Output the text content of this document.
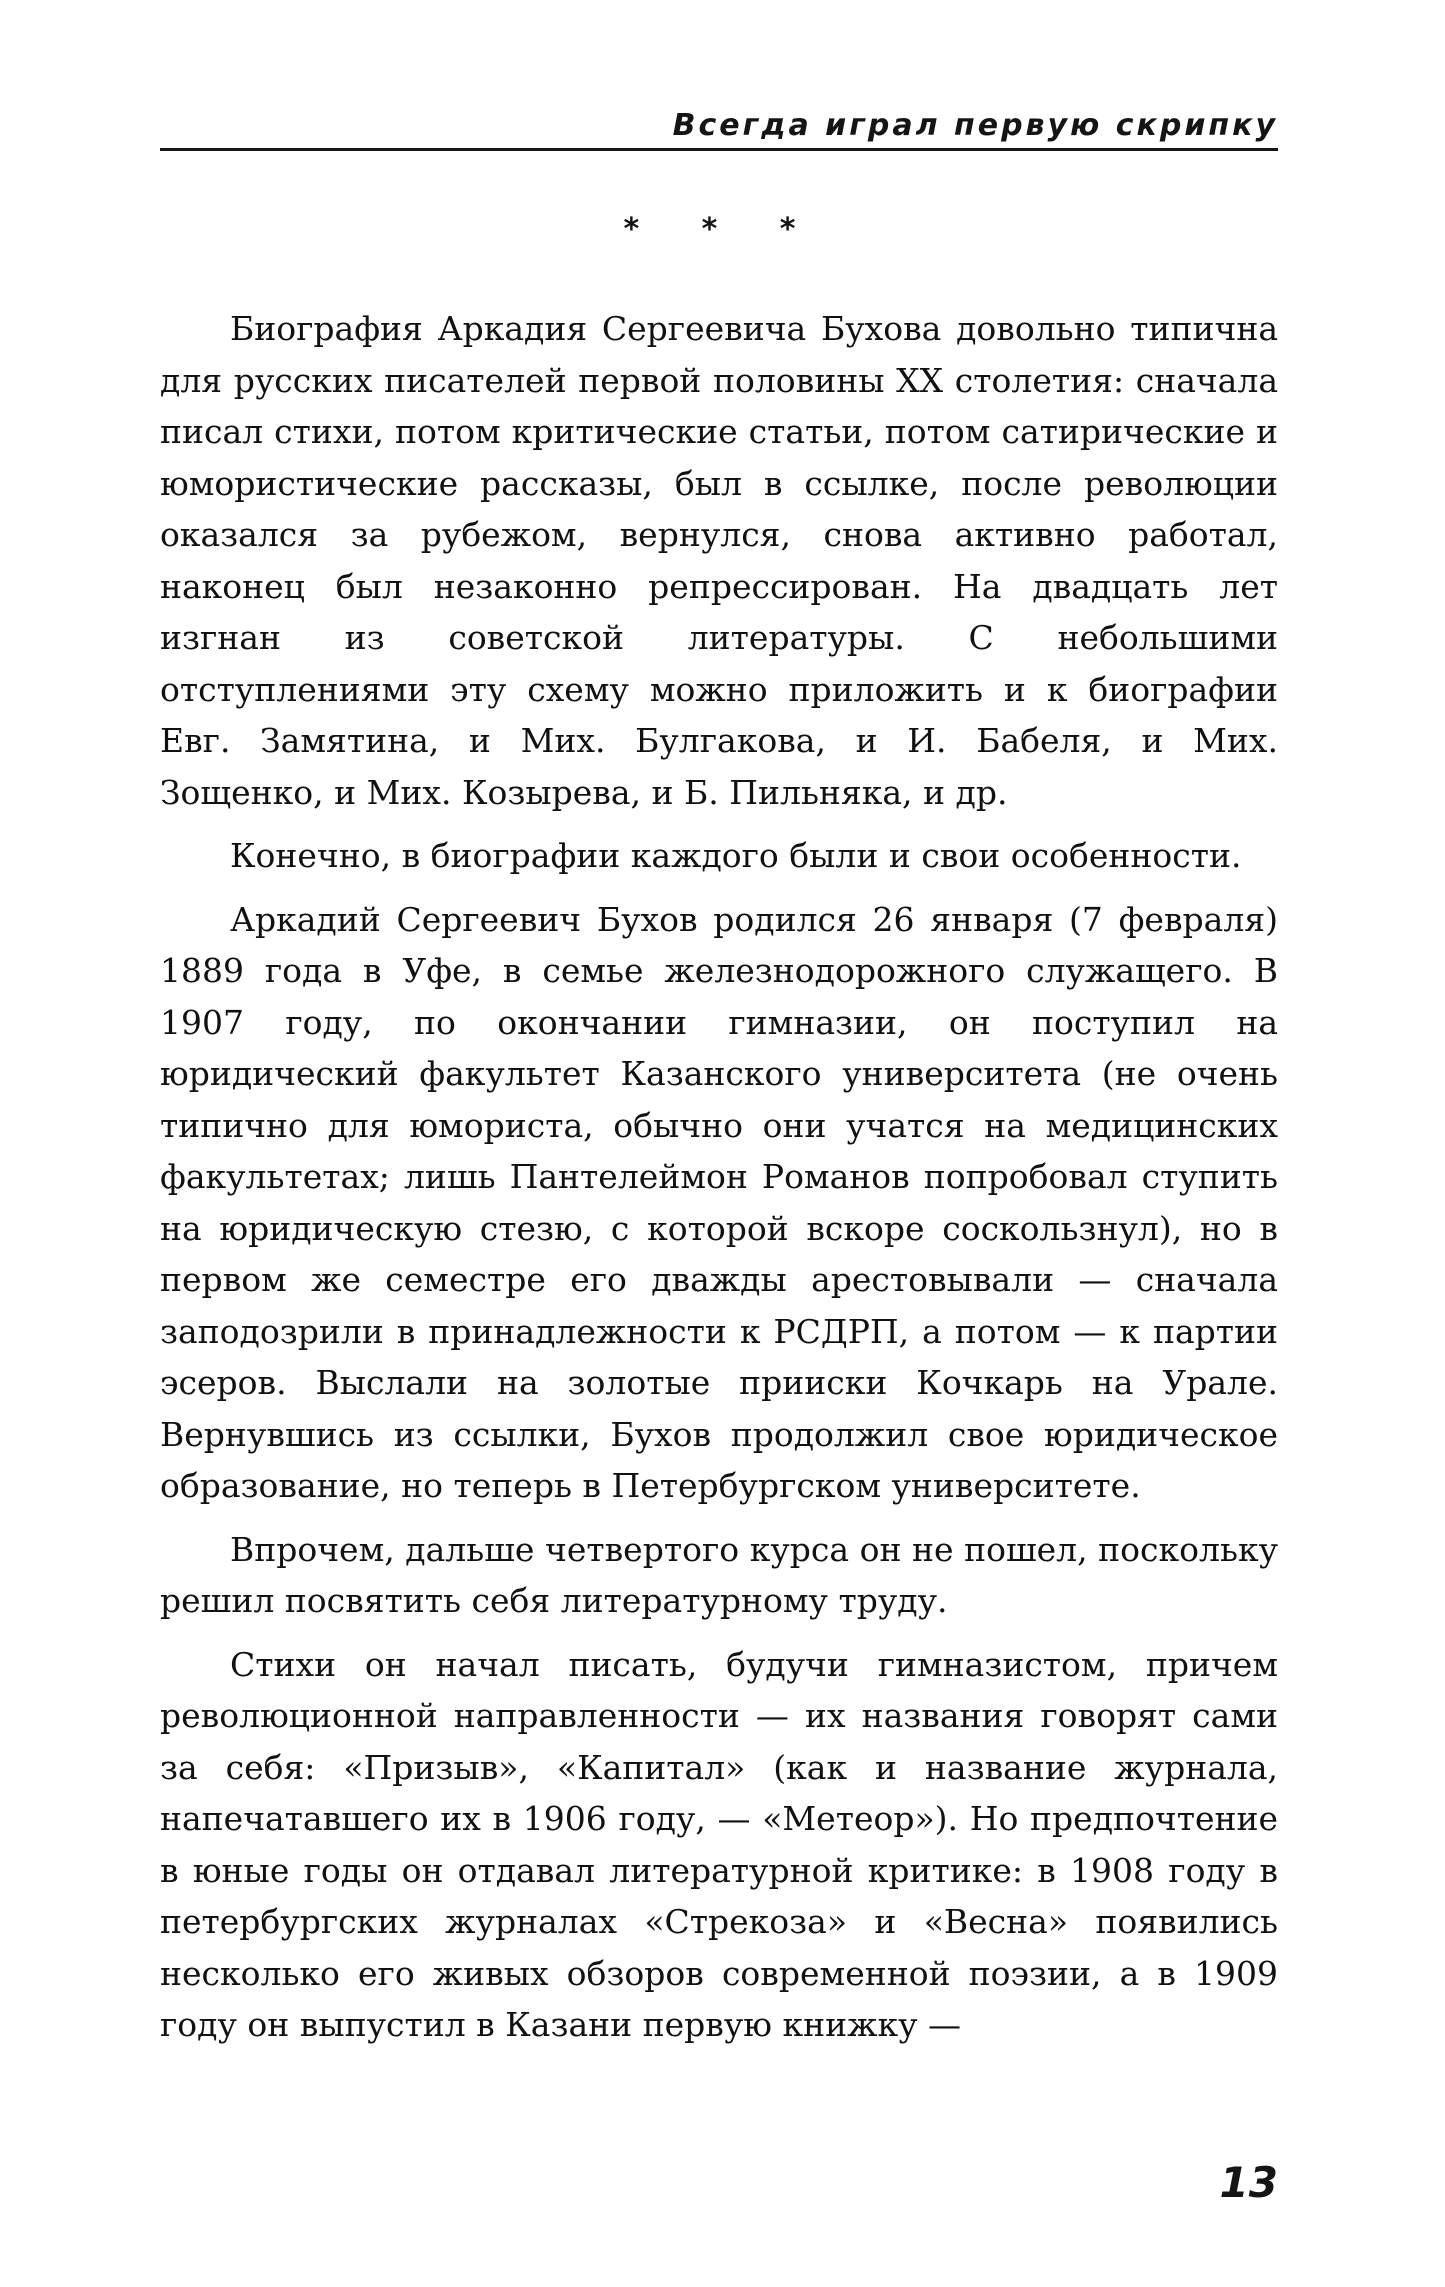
Всегда играл первую скрипку
* * *

Биография Аркадия Сергеевича Бухова довольно типична для русских писателей первой половины XX столетия: сначала писал стихи, потом критические статьи, потом сатирические и юмористические рассказы, был в ссылке, после революции оказался за рубежом, вернулся, снова активно работал, наконец был незаконно репрессирован. На двадцать лет изгнан из советской литературы. С небольшими отступлениями эту схему можно приложить и к биографии Евг. Замятина, и Мих. Булгакова, и И. Бабеля, и Мих. Зощенко, и Мих. Козырева, и Б. Пильняка, и др.

Конечно, в биографии каждого были и свои особенности.

Аркадий Сергеевич Бухов родился 26 января (7 февраля) 1889 года в Уфе, в семье железнодорожного служащего. В 1907 году, по окончании гимназии, он поступил на юридический факультет Казанского университета (не очень типично для юмориста, обычно они учатся на медицинских факультетах; лишь Пантелеймон Романов попробовал ступить на юридическую стезю, с которой вскоре соскользнул), но в первом же семестре его дважды арестовывали — сначала заподозрили в принадлежности к РСДРП, а потом — к партии эсеров. Выслали на золотые прииски Кочкарь на Урале. Вернувшись из ссылки, Бухов продолжил свое юридическое образование, но теперь в Петербургском университете.

Впрочем, дальше четвертого курса он не пошел, поскольку решил посвятить себя литературному труду.

Стихи он начал писать, будучи гимназистом, причем революционной направленности — их названия говорят сами за себя: «Призыв», «Капитал» (как и название журнала, напечатавшего их в 1906 году, — «Метеор»). Но предпочтение в юные годы он отдавал литературной критике: в 1908 году в петербургских журналах «Стрекоза» и «Весна» появились несколько его живых обзоров современной поэзии, а в 1909 году он выпустил в Казани первую книжку —

13
